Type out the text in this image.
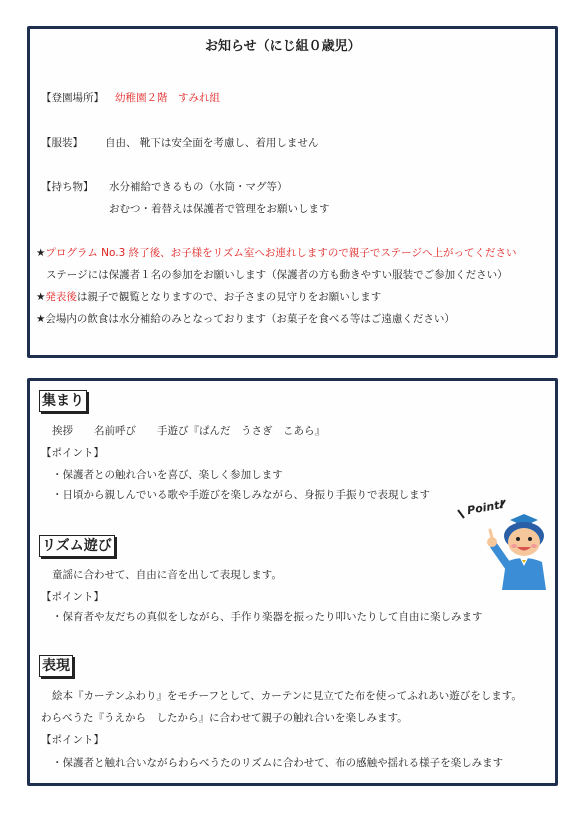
お知らせ（にじ組０歳児）
【登園場所】 幼稚園２階　すみれ組
【服装】 自由、 靴下は安全面を考慮し、着用しません
【持ち物】 水分補給できるもの（水筒・マグ等）
おむつ・着替えは保護者で管理をお願いします
★プログラム No.3 終了後、お子様をリズム室へお連れしますので親子でステージへ上がってください
ステージには保護者１名の参加をお願いします（保護者の方も動きやすい服装でご参加ください）
★発表後は親子で観覧となりますので、お子さまの見守りをお願いします
★会場内の飲食は水分補給のみとなっております（お菓子を食べる等はご遠慮ください）
集まり
挨拶　　名前呼び　　手遊び『ぱんだ　うさぎ　こあら』
【ポイント】
・保護者との触れ合いを喜び、楽しく参加します
・日頃から親しんでいる歌や手遊びを楽しみながら、身振り手振りで表現します
リズム遊び
童謡に合わせて、自由に音を出して表現します。
【ポイント】
・保育者や友だちの真似をしながら、手作り楽器を振ったり叩いたりして自由に楽しみます
表現
絵本『カーテンふわり』をモチーフとして、カーテンに見立てた布を使ってふれあい遊びをします。
わらべうた『うえから　したから』に合わせて親子の触れ合いを楽しみます。
【ポイント】
・保護者と触れ合いながらわらべうたのリズムに合わせて、布の感触や揺れる様子を楽しみます
Point!
